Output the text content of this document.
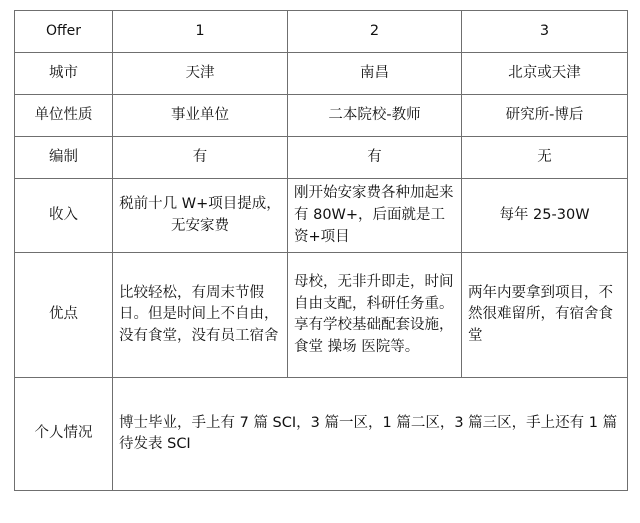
Offer	1	2	3
城市	天津	南昌	北京或天津
单位性质	事业单位	二本院校-教师	研究所-博后
编制	有	有	无
收入	税前十几 W+项目提成，无安家费	刚开始安家费各种加起来有 80W+，后面就是工资+项目	每年 25-30W
优点	比较轻松，有周末节假日。但是时间上不自由，没有食堂，没有员工宿舍	母校，无非升即走，时间自由支配，科研任务重。享有学校基础配套设施，食堂 操场 医院等。	两年内要拿到项目，不然很难留所，有宿舍食堂
个人情况	博士毕业，手上有 7 篇 SCI，3 篇一区，1 篇二区，3 篇三区，手上还有 1 篇待发表 SCI		
